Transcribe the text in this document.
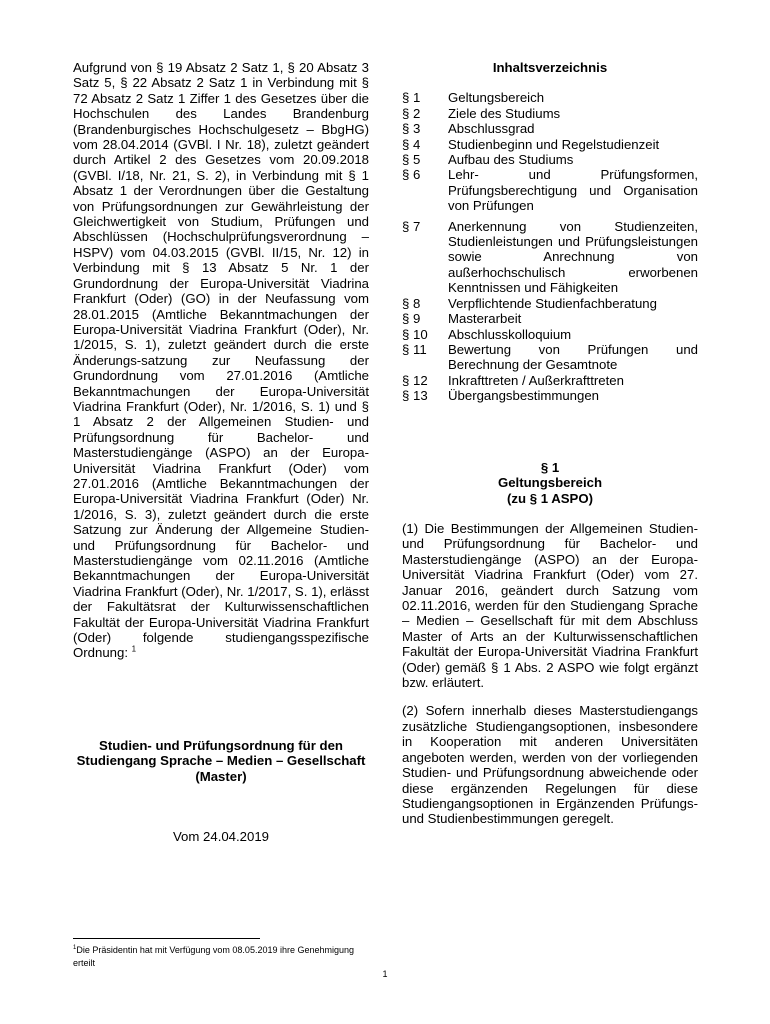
Aufgrund von § 19 Absatz 2 Satz 1, § 20 Absatz 3 Satz 5, § 22 Absatz 2 Satz 1 in Verbindung mit § 72 Absatz 2 Satz 1 Ziffer 1 des Gesetzes über die Hochschulen des Landes Brandenburg (Brandenburgisches Hochschulgesetz – BbgHG) vom 28.04.2014 (GVBl. I Nr. 18), zuletzt geändert durch Artikel 2 des Gesetzes vom 20.09.2018 (GVBl. I/18, Nr. 21, S. 2), in Verbindung mit § 1 Absatz 1 der Verordnungen über die Gestaltung von Prüfungsordnungen zur Gewährleistung der Gleichwertigkeit von Studium, Prüfungen und Abschlüssen (Hochschulprüfungsverordnung – HSPV) vom 04.03.2015 (GVBl. II/15, Nr. 12) in Verbindung mit § 13 Absatz 5 Nr. 1 der Grundordnung der Europa-Universität Viadrina Frankfurt (Oder) (GO) in der Neufassung vom 28.01.2015 (Amtliche Bekanntmachungen der Europa-Universität Viadrina Frankfurt (Oder), Nr. 1/2015, S. 1), zuletzt geändert durch die erste Änderungs-satzung zur Neufassung der Grundordnung vom 27.01.2016 (Amtliche Bekanntmachungen der Europa-Universität Viadrina Frankfurt (Oder), Nr. 1/2016, S. 1) und § 1 Absatz 2 der Allgemeinen Studien- und Prüfungsordnung für Bachelor- und Masterstudiengänge (ASPO) an der Europa-Universität Viadrina Frankfurt (Oder) vom 27.01.2016 (Amtliche Bekanntmachungen der Europa-Universität Viadrina Frankfurt (Oder) Nr. 1/2016, S. 3), zuletzt geändert durch die erste Satzung zur Änderung der Allgemeine Studien- und Prüfungsordnung für Bachelor- und Masterstudiengänge vom 02.11.2016 (Amtliche Bekanntmachungen der Europa-Universität Viadrina Frankfurt (Oder), Nr. 1/2017, S. 1), erlässt der Fakultätsrat der Kulturwissenschaftlichen Fakultät der Europa-Universität Viadrina Frankfurt (Oder) folgende studiengangsspezifische Ordnung: $^1$

Studien- und Prüfungsordnung für den Studiengang Sprache – Medien – Gesellschaft (Master)

Vom 24.04.2019

Inhaltsverzeichnis
§ 1	Geltungsbereich
§ 2	Ziele des Studiums
§ 3	Abschlussgrad
§ 4	Studienbeginn und Regelstudienzeit
§ 5	Aufbau des Studiums
§ 6	Lehr- und Prüfungsformen, Prüfungsberechtigung und Organisation von Prüfungen
§ 7	Anerkennung von Studienzeiten, Studienleistungen und Prüfungsleistungen sowie Anrechnung von außerhochschulisch erworbenen Kenntnissen und Fähigkeiten
§ 8	Verpflichtende Studienfachberatung
§ 9	Masterarbeit
§ 10	Abschlusskolloquium
§ 11	Bewertung von Prüfungen und Berechnung der Gesamtnote
§ 12	Inkrafttreten / Außerkrafttreten
§ 13	Übergangsbestimmungen
§ 1
Geltungsbereich
(zu § 1 ASPO)

(1) Die Bestimmungen der Allgemeinen Studien- und Prüfungsordnung für Bachelor- und Masterstudiengänge (ASPO) an der Europa-Universität Viadrina Frankfurt (Oder) vom 27. Januar 2016, geändert durch Satzung vom 02.11.2016, werden für den Studiengang Sprache – Medien – Gesellschaft für mit dem Abschluss Master of Arts an der Kulturwissenschaftlichen Fakultät der Europa-Universität Viadrina Frankfurt (Oder) gemäß § 1 Abs. 2 ASPO wie folgt ergänzt bzw. erläutert.

(2) Sofern innerhalb dieses Masterstudiengangs zusätzliche Studiengangsoptionen, insbesondere in Kooperation mit anderen Universitäten angeboten werden, werden von der vorliegenden Studien- und Prüfungsordnung abweichende oder diese ergänzenden Regelungen für diese Studiengangsoptionen in Ergänzenden Prüfungs- und Studienbestimmungen geregelt.

$^1$Die Präsidentin hat mit Verfügung vom 08.05.2019 ihre Genehmigung erteilt
1
